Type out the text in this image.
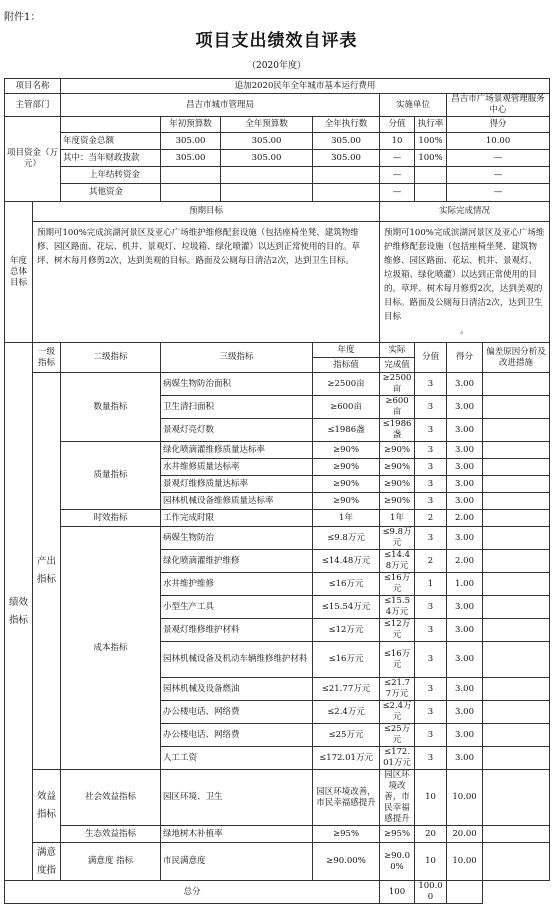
附件1：
项目支出绩效自评表
（2020年度）
项目名称		追加2020民年全年城市基本运行费用							
主管部门		昌吉市城市管理局				实施单位		昌吉市广场景观管理服务中心	
项目资金（万元）			年初预算数	全年预算数	全年执行数	分值	执行率	得分	
		年度资金总额	305.00	305.00	305.00	10	100%	10.00	
		其中：当年财政拨款	305.00	305.00	305.00	—	100%	—	
		上年结转资金				—		—	
		其他资金				—		—	
年度总体目标	预期目标					实际完成情况			
	预期可100%完成滨湖河景区及亚心广场维护维修配套设施（包括座椅坐凳、建筑物维修、园区路面、花坛、机井、景观灯、垃圾箱、绿化喷灌）以达到正常使用的目的。草坪、树木每月修剪2次，达到美观的目标。路面及公厕每日清洁2次，达到卫生目标。					预期可100%完成滨湖河景区及亚心广场维护维修配套设施（包括座椅坐凳、建筑物维修、园区路面、花坛、机井、景观灯、垃圾箱、绿化喷灌）以达到正常使用的目的。草坪、树木每月修剪2次，达到美观的目标。路面及公厕每日清洁2次，达到卫生目标

。			

绩效指标	一级指标	二级指标	三级指标		年度	实际	分值	得分	偏差原因分析及改进措施
					指标值	完成值			
	产出指标	数量指标	病媒生物防治面积		≥2500亩	≥2500亩	3	3.00	
			卫生清扫面积		≥600亩	≥600亩	3	3.00	
			景观灯亮灯数		≤1986盏	≤1986盏	3	3.00	
		质量指标	绿化喷滴灌维修质量达标率		≥90%	≥90%	3	3.00	
			水井维修质量达标率		≥90%	≥90%	3	3.00	
			景观灯维修质量达标率		≥90%	≥90%	3	3.00	
			园林机械设备维修质量达标率		≥90%	≥90%	3	3.00	
		时效指标	工作完成时限		1年	1年	2	2.00	
		成本指标	病媒生物防治		≤9.8万元	≤9.8万元	3	3.00	
			绿化喷滴灌维护维修		≤14.48万元	≤14.48万元	2	2.00	
			水井维护维修		≤16万元	≤16万元	1	1.00	
			小型生产工具		≤15.54万元	≤15.54万元	3	3.00	
			景观灯维修维护材料		≤12万元	≤12万元	3	3.00	
			园林机械设备及机动车辆维修维护材料		≤16万元	≤16万元	3	3.00	
			园林机械及设备燃油		≤21.77万元	≤21.77万元	3	3.00	
			办公楼电话、网络费		≤2.4万元	≤2.4万元	3	3.00	
			办公楼电话、网络费		≤25万元	≤25万元	3	3.00	
			人工工资		≤172.01万元	≤172.01万元	3	3.00	
	效益指标	社会效益指标	园区环境、卫生		园区环境改善，市民幸福感提升	园区环境改善，市民幸福感提升	10	10.00	
		生态效益指标	绿地树木补植率		≥95%	≥95%	20	20.00	
	满意度指	满意度 指标	市民满意度		≥90.00%	≥90.00%	10	10.00	
总分						100	100.00		
